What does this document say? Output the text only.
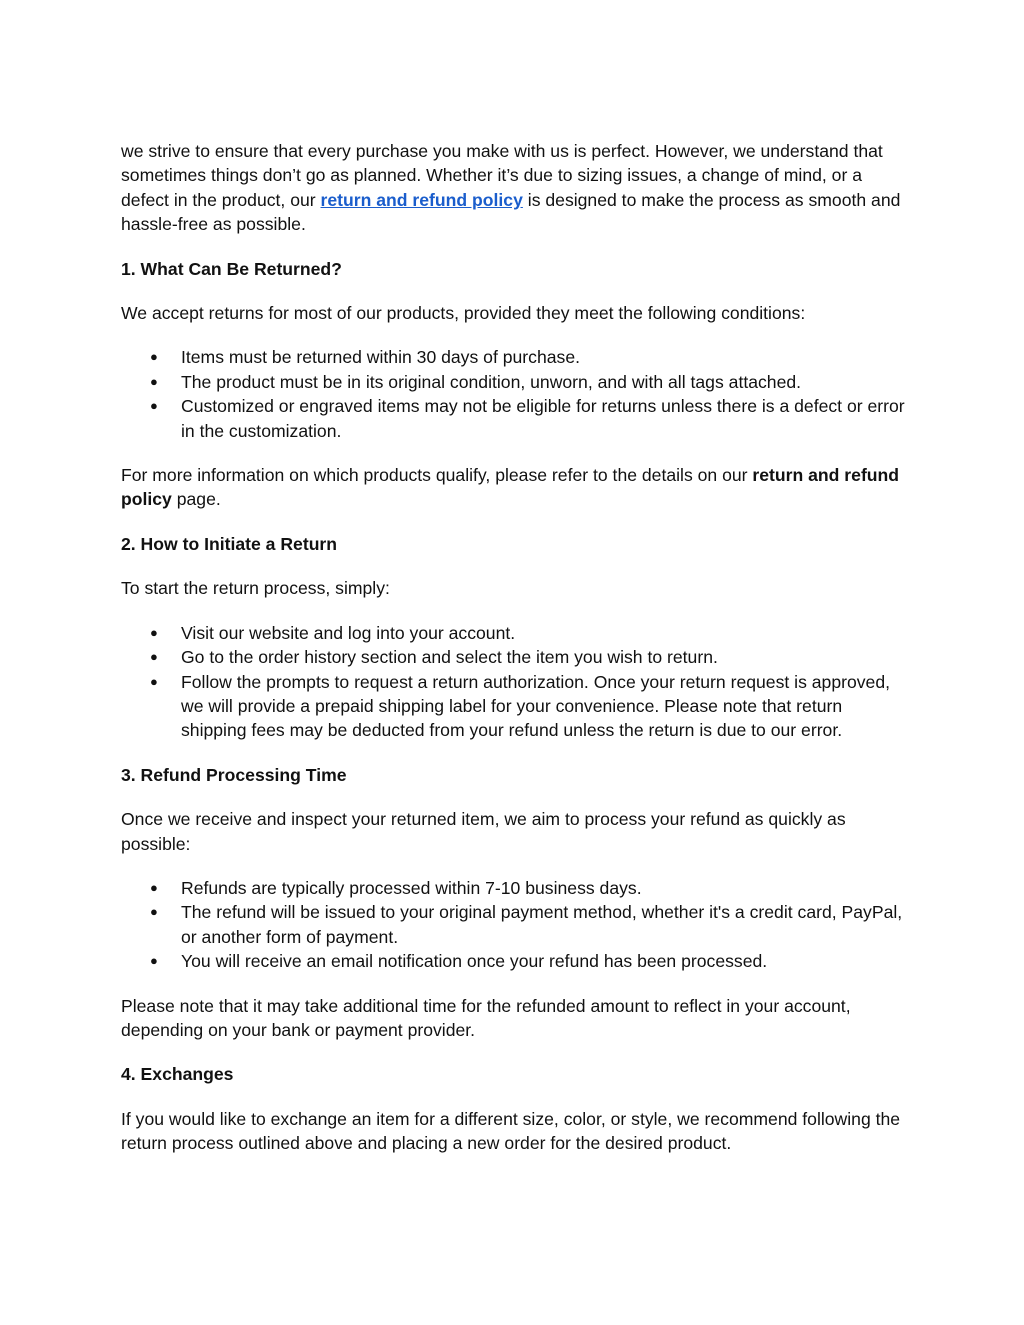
we strive to ensure that every purchase you make with us is perfect. However, we understand that sometimes things don’t go as planned. Whether it’s due to sizing issues, a change of mind, or a defect in the product, our return and refund policy is designed to make the process as smooth and hassle-free as possible.

1. What Can Be Returned?

We accept returns for most of our products, provided they meet the following conditions:

● Items must be returned within 30 days of purchase.
● The product must be in its original condition, unworn, and with all tags attached.
● Customized or engraved items may not be eligible for returns unless there is a defect or error in the customization.

For more information on which products qualify, please refer to the details on our return and refund policy page.

2. How to Initiate a Return

To start the return process, simply:

● Visit our website and log into your account.
● Go to the order history section and select the item you wish to return.
● Follow the prompts to request a return authorization. Once your return request is approved, we will provide a prepaid shipping label for your convenience. Please note that return shipping fees may be deducted from your refund unless the return is due to our error.

3. Refund Processing Time

Once we receive and inspect your returned item, we aim to process your refund as quickly as possible:

● Refunds are typically processed within 7-10 business days.
● The refund will be issued to your original payment method, whether it's a credit card, PayPal, or another form of payment.
● You will receive an email notification once your refund has been processed.

Please note that it may take additional time for the refunded amount to reflect in your account, depending on your bank or payment provider.

4. Exchanges

If you would like to exchange an item for a different size, color, or style, we recommend following the return process outlined above and placing a new order for the desired product.
